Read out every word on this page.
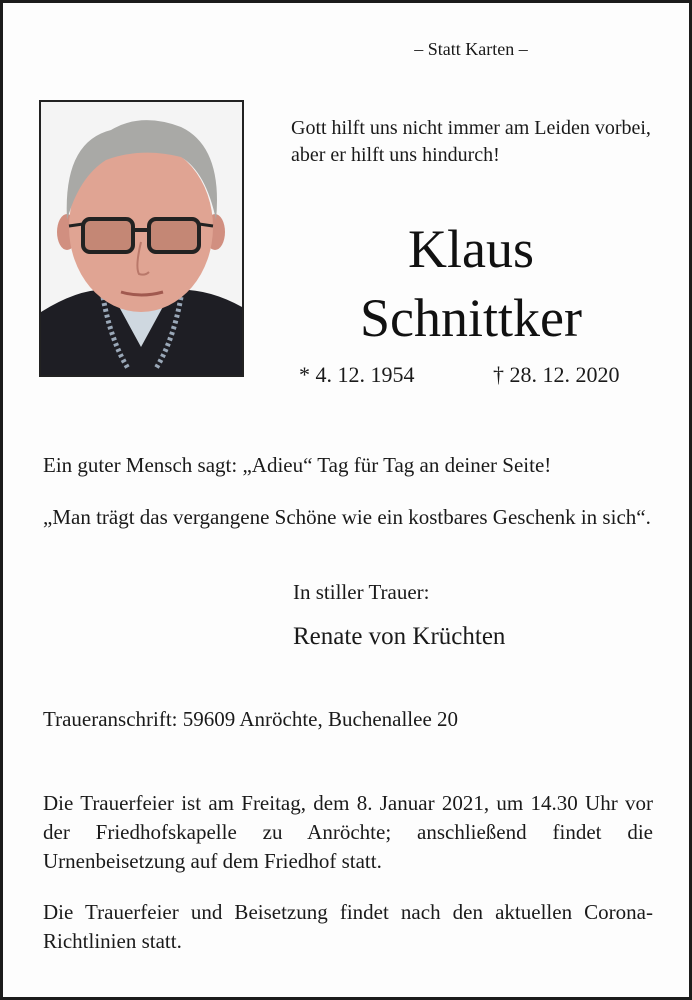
– Statt Karten –
Gott hilft uns nicht immer am Leiden vorbei, aber er hilft uns hindurch!
Klaus
Schnittker
* 4. 12. 1954	† 28. 12. 2020
Ein guter Mensch sagt: „Adieu“ Tag für Tag an deiner Seite!
„Man trägt das vergangene Schöne wie ein kostbares Geschenk in sich“.
In stiller Trauer:
Renate von Krüchten
Traueranschrift: 59609 Anröchte, Buchenallee 20
Die Trauerfeier ist am Freitag, dem 8. Januar 2021, um 14.30 Uhr vor der Friedhofskapelle zu Anröchte; anschließend findet die Urnenbeisetzung auf dem Friedhof statt.
Die Trauerfeier und Beisetzung findet nach den aktuellen Corona-Richtlinien statt.
